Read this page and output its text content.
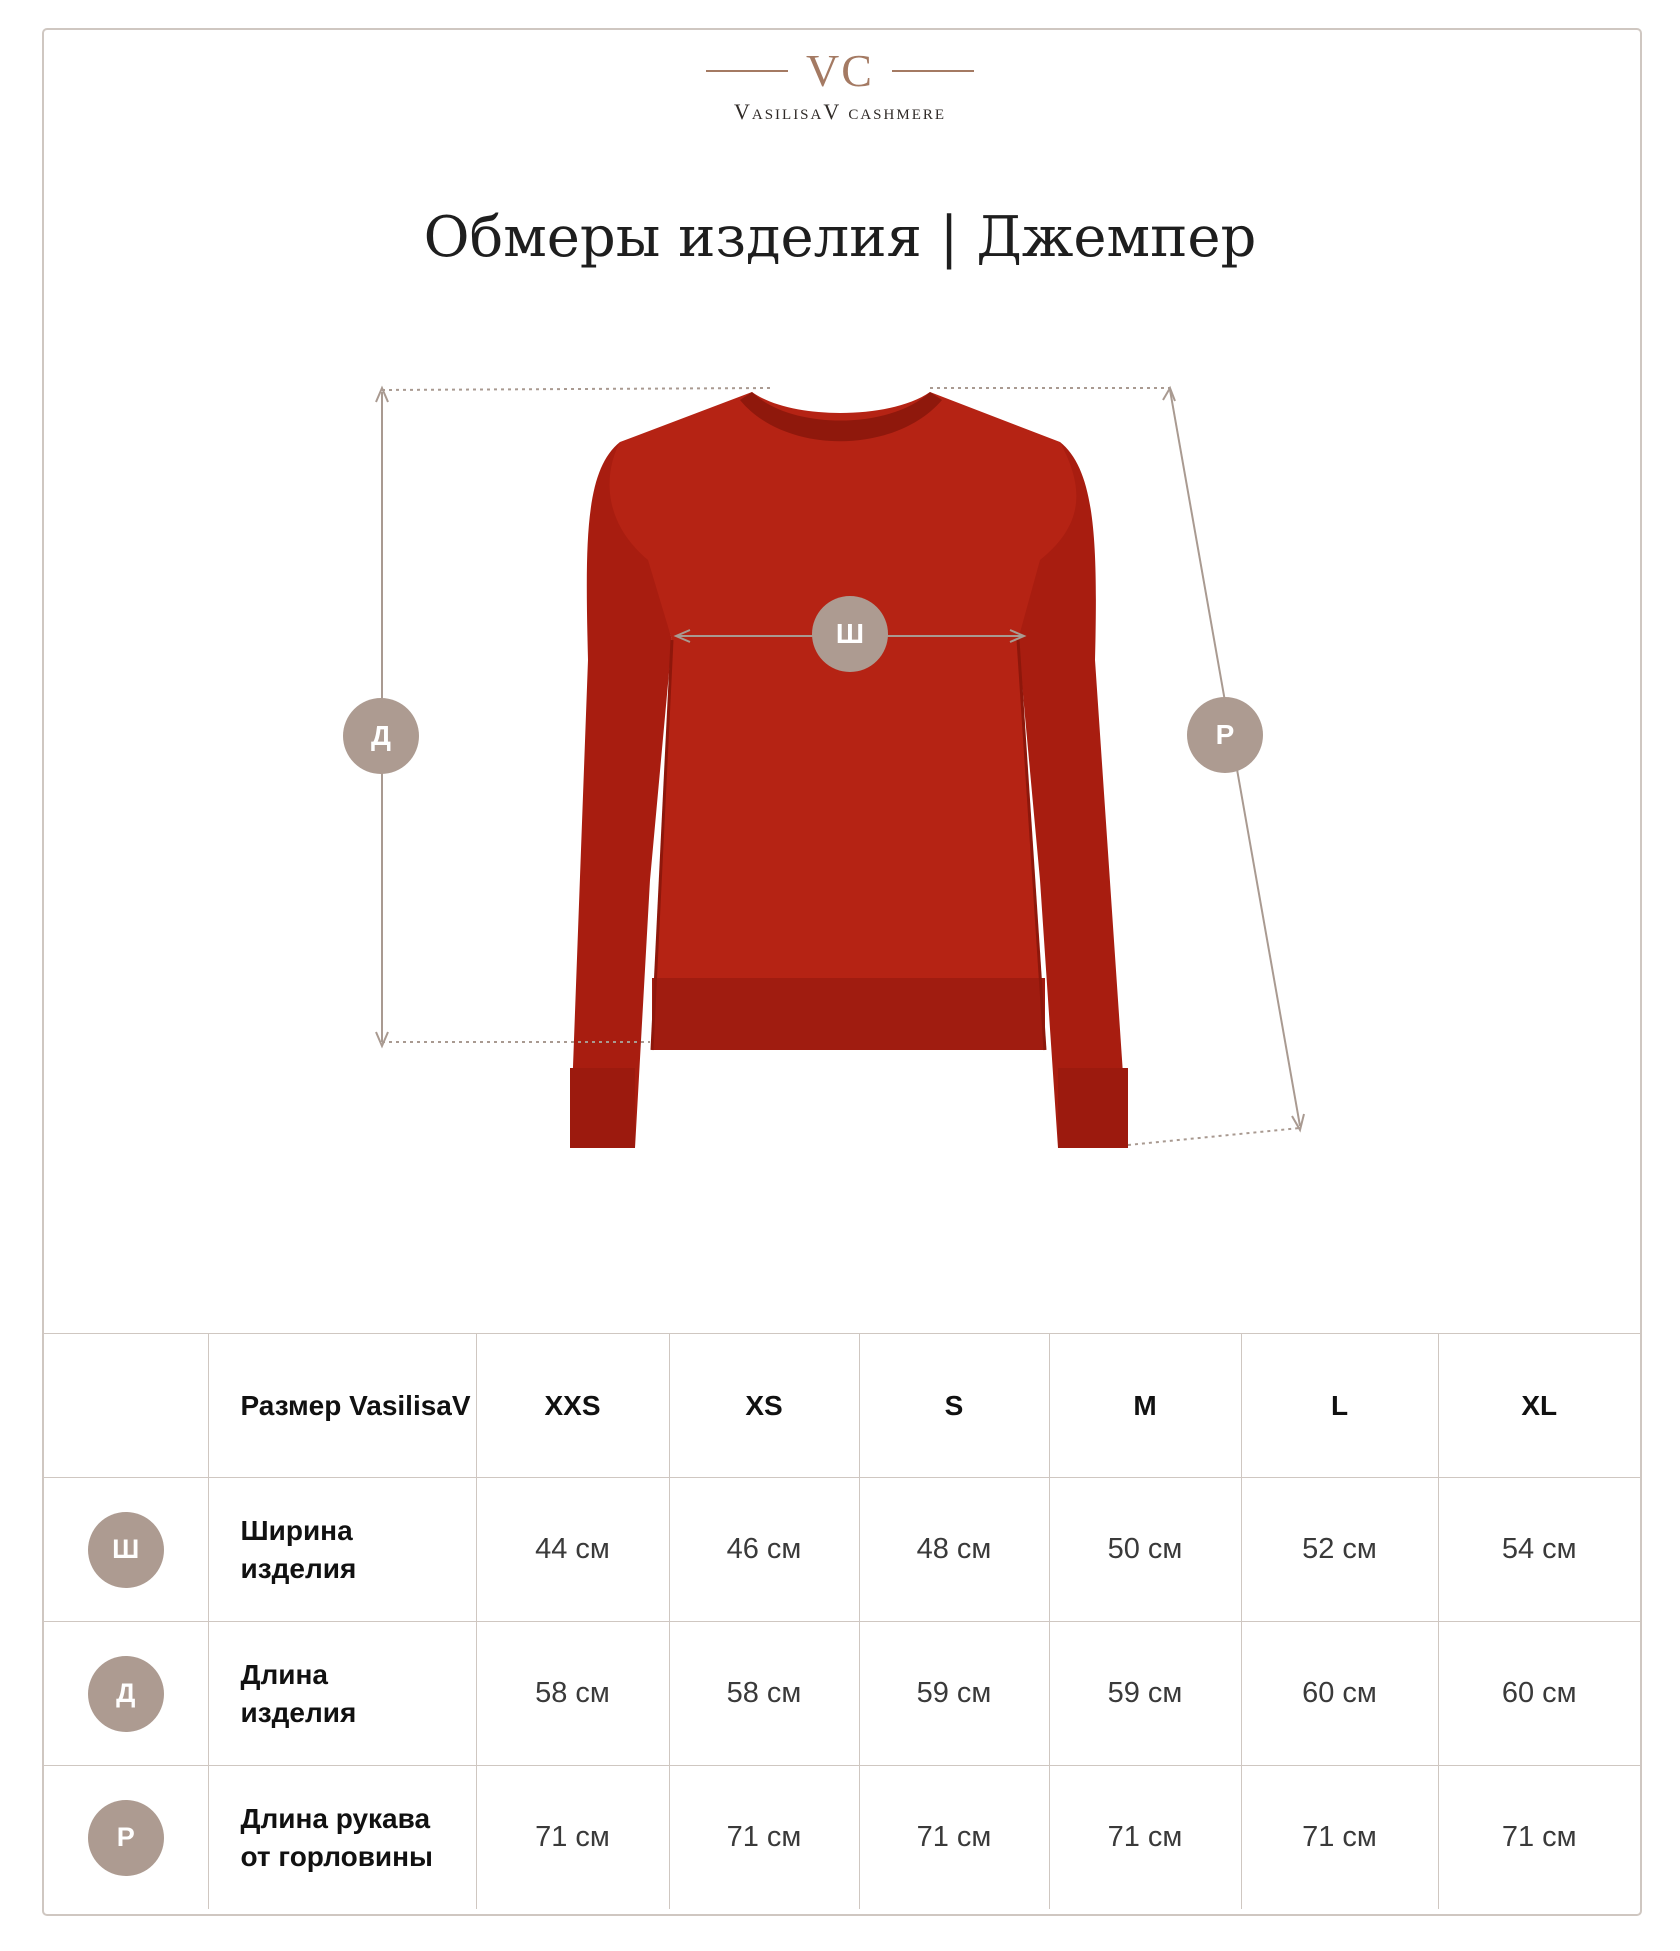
VC
VasilisaV cashmere
Обмеры изделия | Джемпер
Ш
Д	Р
	Размер VasilisaV	XXS	XS	S	M	L	XL
Ш	Ширина изделия	44 см	46 см	48 см	50 см	52 см	54 см
Д	Длина изделия	58 см	58 см	59 см	59 см	60 см	60 см
Р	Длина рукава от горловины	71 см	71 см	71 см	71 см	71 см	71 см
